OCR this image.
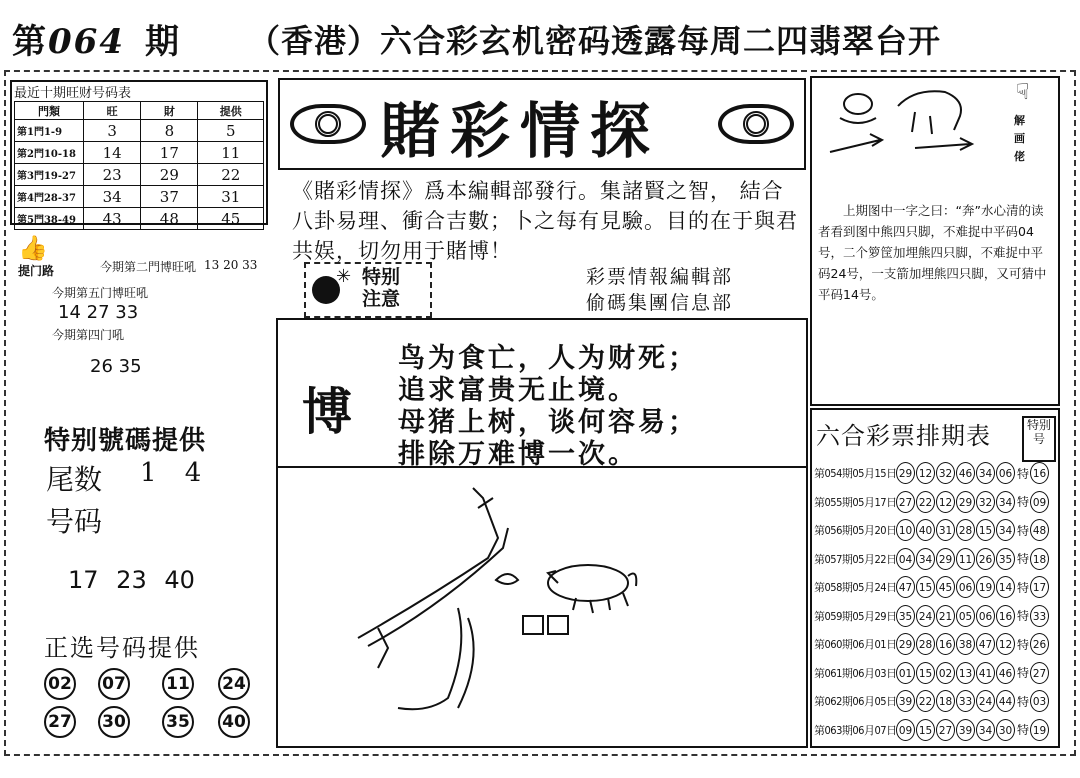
第064 期 （香港）六合彩玄机密码透露每周二四翡翠台开
最近十期旺财号码表
門類	旺	財	提供
第1門1-9	3	8	5
第2門10-18	14	17	11
第3門19-27	23	29	22
第4門28-37	34	37	31
第5門38-49	43	48	45
👍
提门路	今期第二門博旺吼 13 20 33
今期第五门博旺吼
14 27 33
今期第四门吼
26 35
特别號碼提供
尾数 1 4
号码
17 23 40
正选号码提供
02 07 11 24
27 30 35 40
賭彩情探
《賭彩情探》爲本編輯部發行。集諸賢之智， 結合八卦易理、衝合吉數；卜之每有見驗。目的在于與君共娱，切勿用于賭博！
✳ 特别
注意
彩票情報編輯部
偷碼集團信息部
博
鸟为食亡，人为财死；
追求富贵无止境。
母猪上树，谈何容易；
排除万难博一次。
☟
解画佬
上期图中一字之曰：“奔”水心清的读者看到图中熊四只脚，不难捉中平码04号，二个箩筐加埋熊四只脚，不难捉中平码24号，一支箭加埋熊四只脚，又可猜中平码14号。
六合彩票排期表	特别号
第054期05月15日 29 12 32 46 34 06 特 16
第055期05月17日 27 22 12 29 32 34 特 09
第056期05月20日 10 40 31 28 15 34 特 48
第057期05月22日 04 34 29 11 26 35 特 18
第058期05月24日 47 15 45 06 19 14 特 17
第059期05月29日 35 24 21 05 06 16 特 33
第060期06月01日 29 28 16 38 47 12 特 26
第061期06月03日 01 15 02 13 41 46 特 27
第062期06月05日 39 22 18 33 24 44 特 03
第063期06月07日 09 15 27 39 34 30 特 19
